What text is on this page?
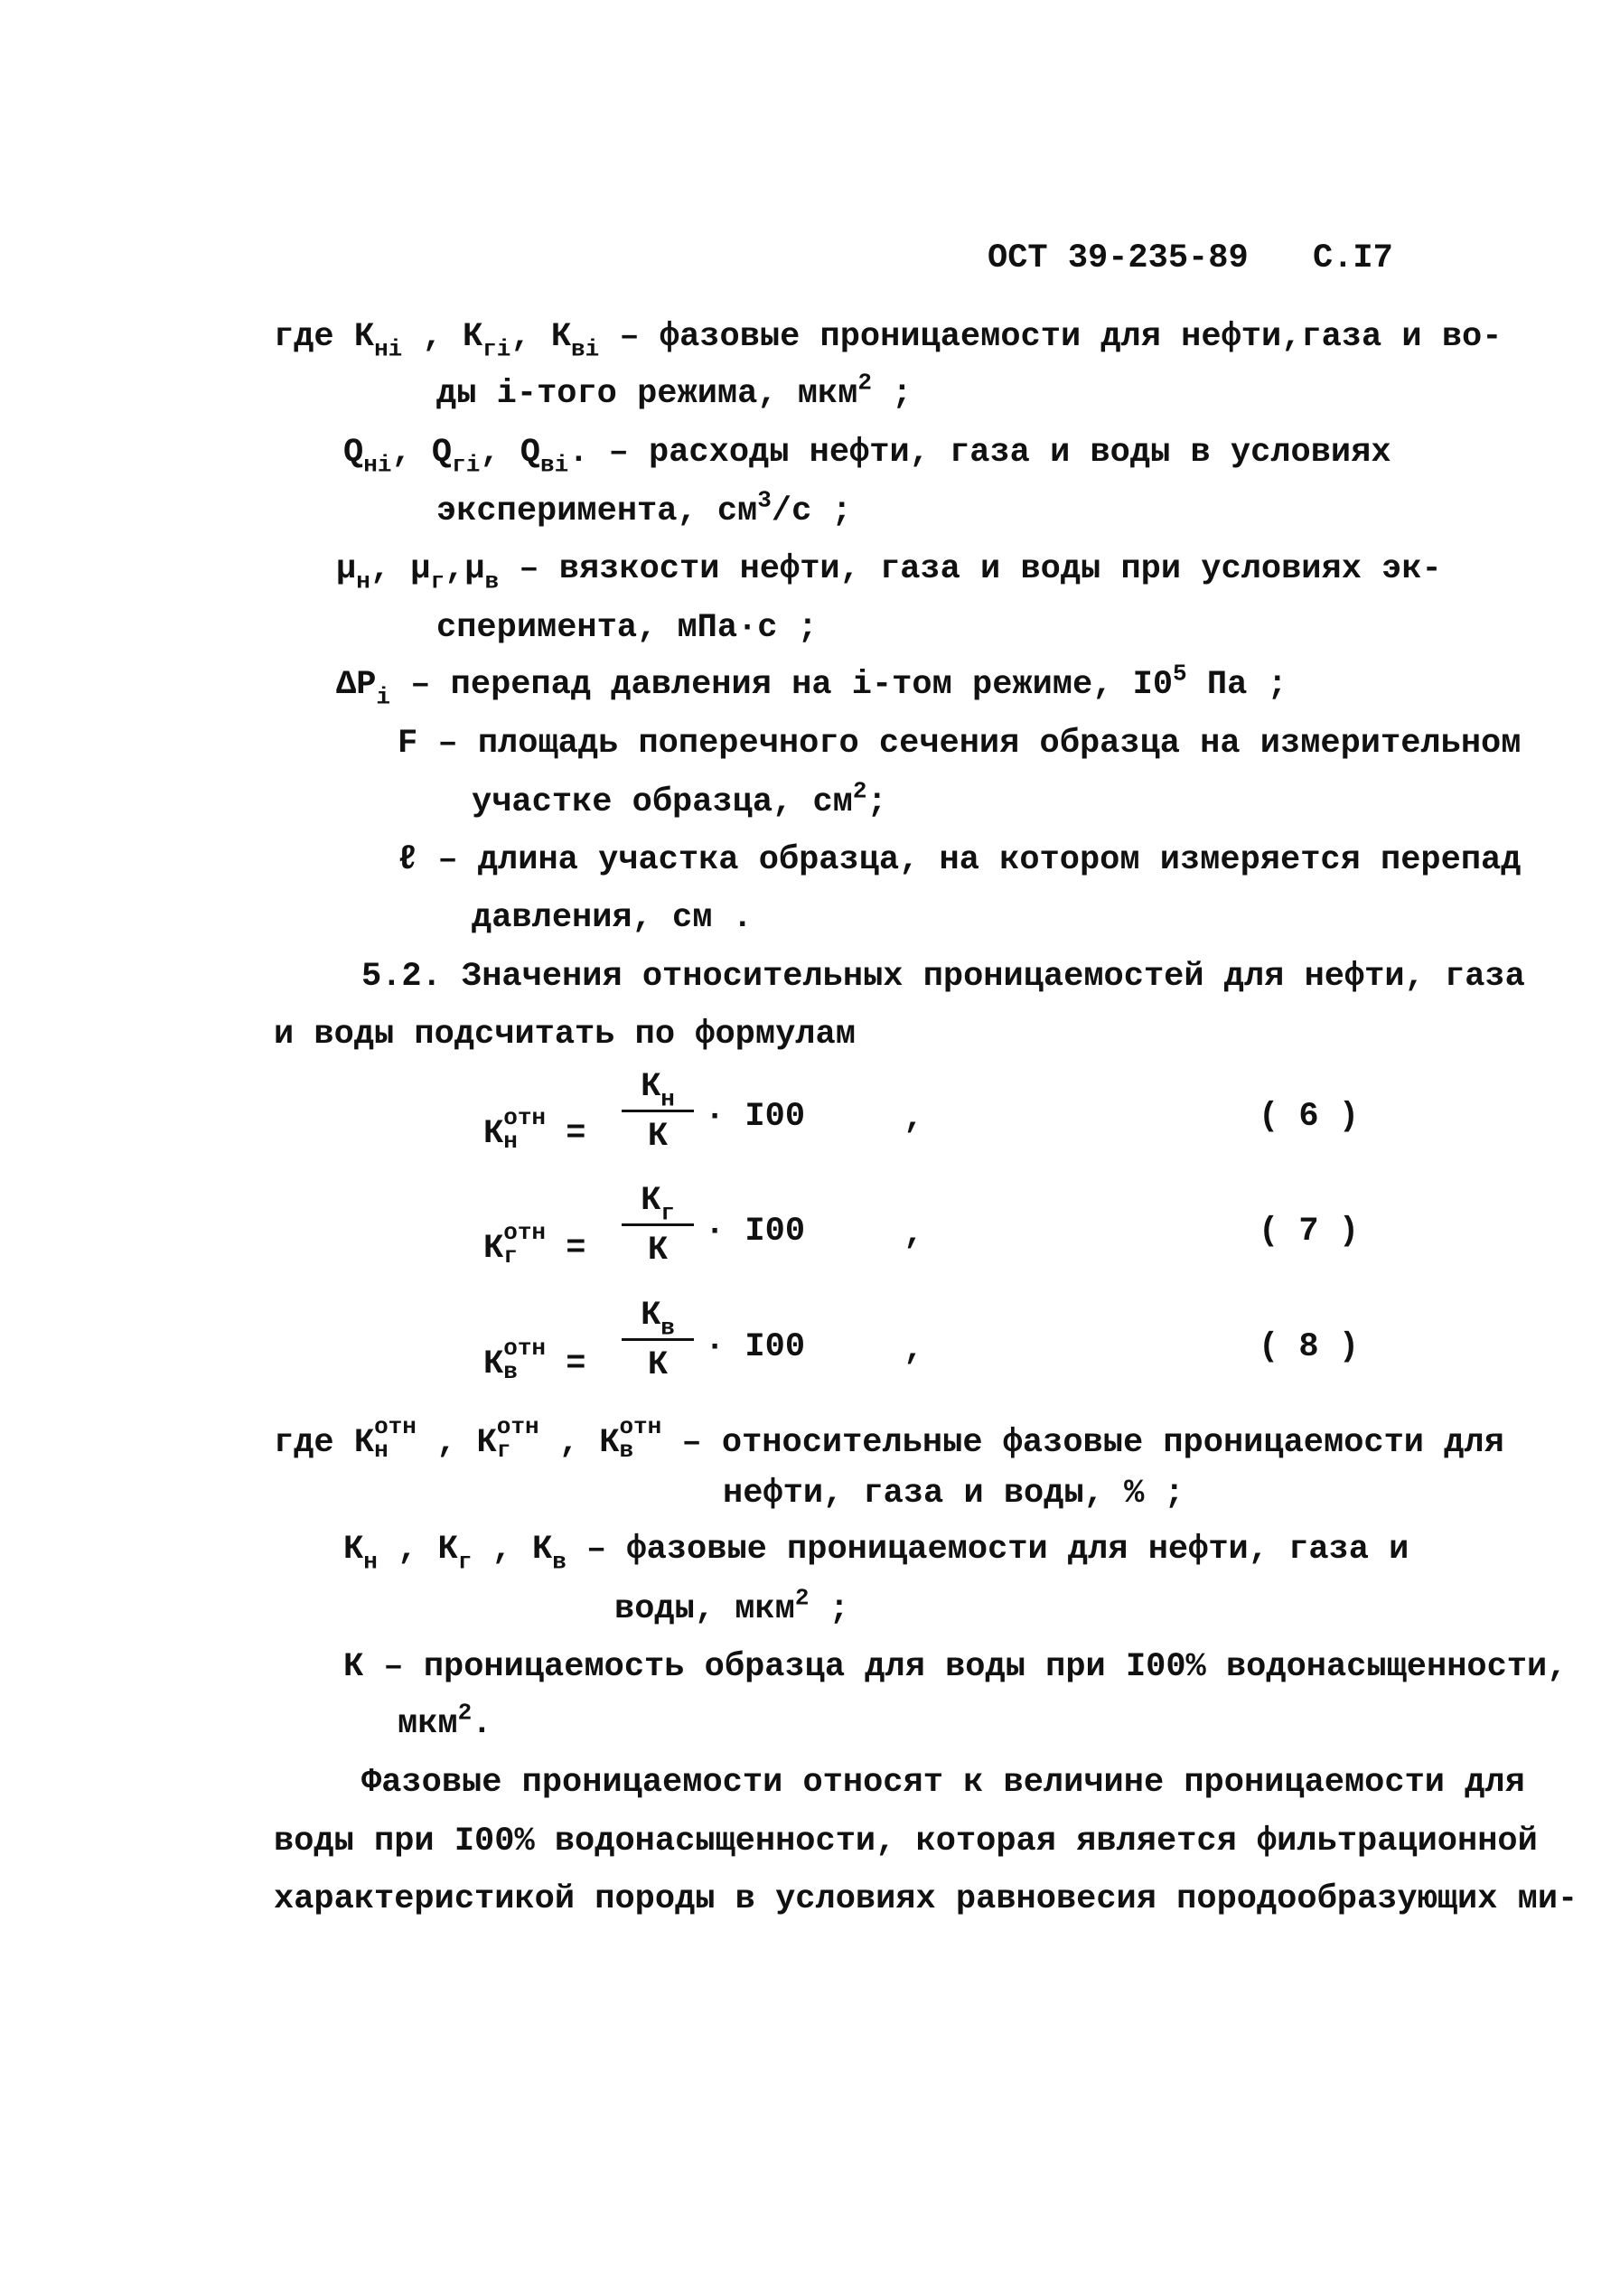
ОСТ 39-235-89 С.I7
где $К_{нi}$ , $К_{гi}$, $К_{вi}$ – фазовые проницаемости для нефти,газа и во-
ды i-того режима, мкм$^2$ ;
$Q_{нi}$, $Q_{гi}$, $Q_{вi}$. – расходы нефти, газа и воды в условиях
эксперимента, $см^3/с$ ;
$\mu_н$, $\mu_г,\mu_в$ – вязкости нефти, газа и воды при условиях эк-
сперимента, мПа·с ;
$\Delta P_i$ – перепад давления на i-том режиме, $I0^5$ Па ;
F – площадь поперечного сечения образца на измерительном
участке образца, $см^2$;
ℓ – длина участка образца, на котором измеряется перепад
давления, см .
5.2. Значения относительных проницаемостей для нефти, газа
и воды подсчитать по формулам
К отн
н	=
$К_н$
К
· I00	,	( 6 )
К отн
г	=
$К_г$
К	· I00	,	( 7 )
К отн
в	=
$К_в$
К	· I00	,	( 8 )
где К отн
н	, К отн
г	, К отн
в	– относительные фазовые проницаемости для
нефти, газа и воды, % ;
$К_н$ , $К_г$ , $К_в$ – фазовые проницаемости для нефти, газа и
воды, мкм$^2$ ;
К – проницаемость образца для воды при I00% водонасыщенности,
мкм$^2$.
Фазовые проницаемости относят к величине проницаемости для
воды при I00% водонасыщенности, которая является фильтрационной
характеристикой породы в условиях равновесия породообразующих ми-
